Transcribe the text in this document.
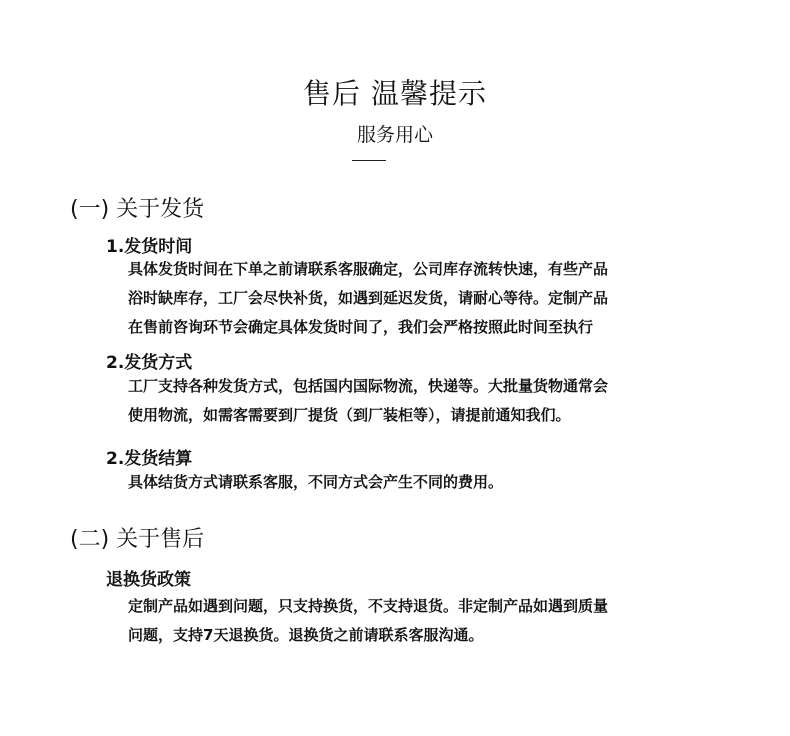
售后 温馨提示
服务用心
(一) 关于发货
1.发货时间
具体发货时间在下单之前请联系客服确定，公司库存流转快速，有些产品
浴时缺库存，工厂会尽快补货，如遇到延迟发货，请耐心等待。定制产品
在售前咨询环节会确定具体发货时间了，我们会严格按照此时间至执行
2.发货方式
工厂支持各种发货方式，包括国内国际物流，快递等。大批量货物通常会
使用物流，如需客需要到厂提货（到厂装柜等），请提前通知我们。
2.发货结算
具体结货方式请联系客服，不同方式会产生不同的费用。
(二) 关于售后
退换货政策
定制产品如遇到问题，只支持换货，不支持退货。非定制产品如遇到质量
问题，支持7天退换货。退换货之前请联系客服沟通。
